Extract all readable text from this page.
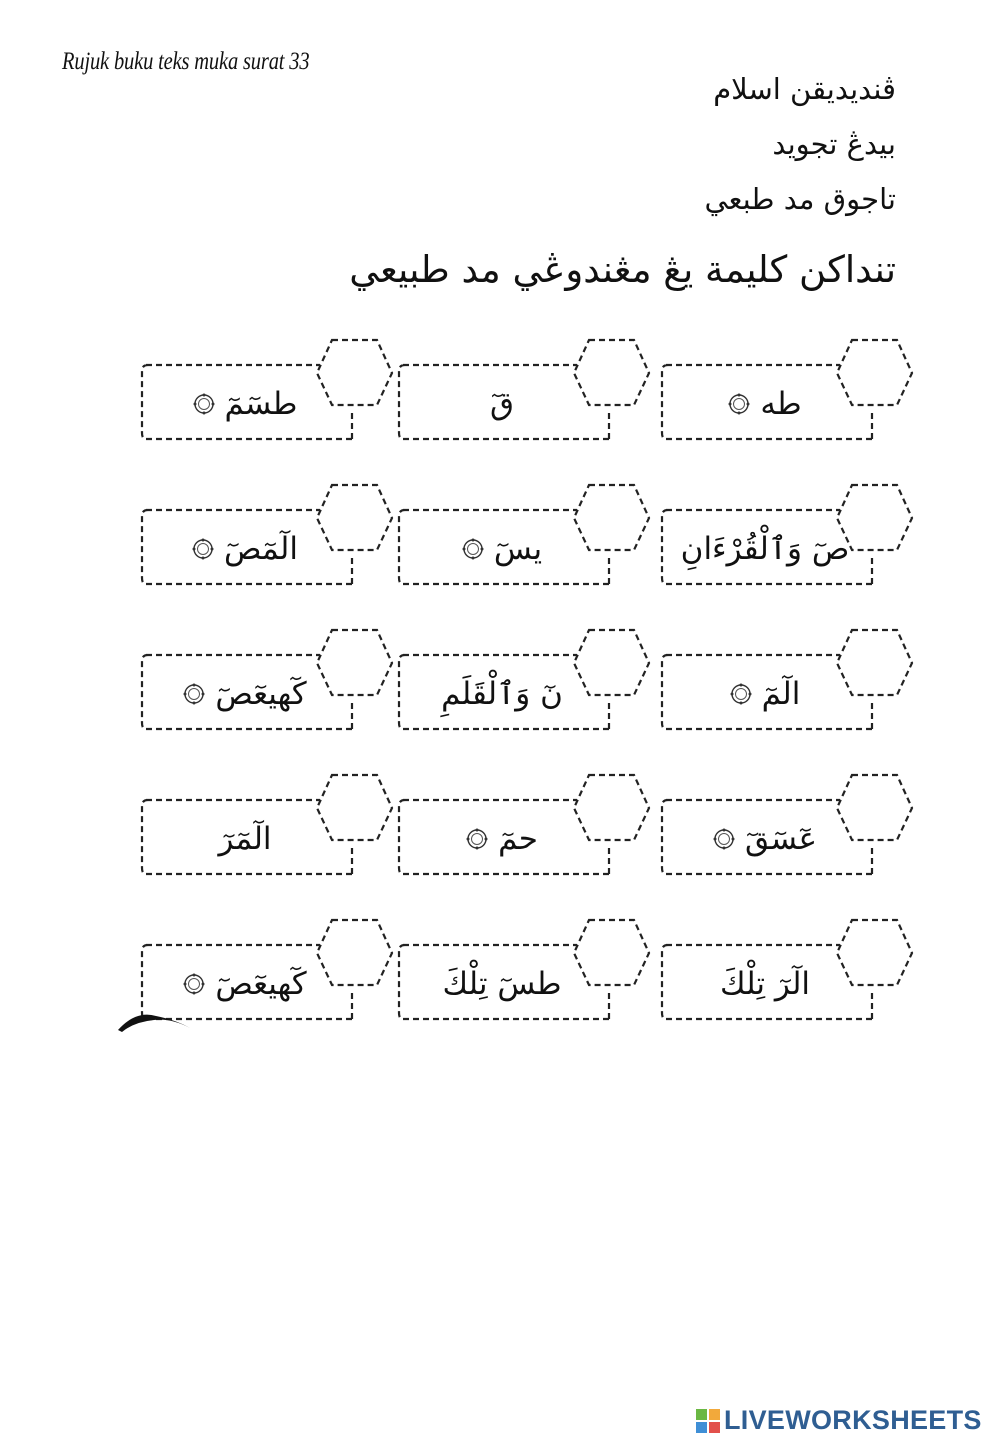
Rujuk buku teks muka surat 33
ڤنديديقن اسلام
بيدڠ تجويد
تاجوق مد طبعي
تنداكن كليمة يڠ مڠندوڠي مد طبيعي
طه
قٓ
طسٓمٓ
صٓ وَٱلْقُرْءَانِ
يسٓ
الٓمٓصٓ
الٓمٓ
نٓ وَٱلْقَلَمِ
كٓهيعٓصٓ
عٓسٓقٓ
حمٓ
الٓمٓرٓ
الٓرٓ تِلْكَ
طسٓ تِلْكَ
كٓهيعٓصٓ
LIVEWORKSHEETS
